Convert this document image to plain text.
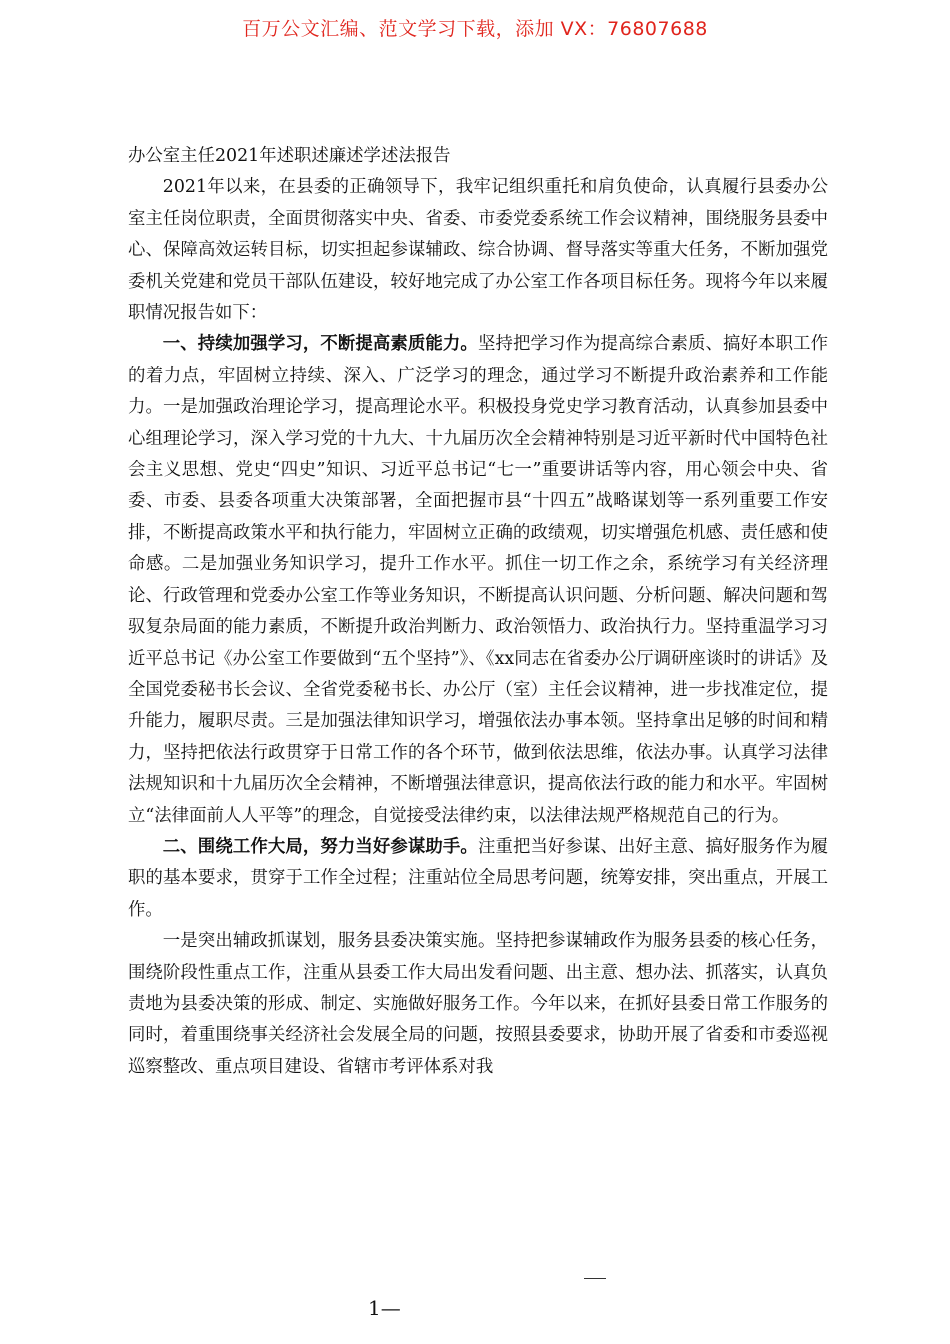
百万公文汇编、范文学习下载，添加 VX：76807688
办公室主任2021年述职述廉述学述法报告

2021年以来，在县委的正确领导下，我牢记组织重托和肩负使命，认真履行县委办公室主任岗位职责，全面贯彻落实中央、省委、市委党委系统工作会议精神，围绕服务县委中心、保障高效运转目标，切实担起参谋辅政、综合协调、督导落实等重大任务，不断加强党委机关党建和党员干部队伍建设，较好地完成了办公室工作各项目标任务。现将今年以来履职情况报告如下：

一、持续加强学习，不断提高素质能力。坚持把学习作为提高综合素质、搞好本职工作的着力点，牢固树立持续、深入、广泛学习的理念，通过学习不断提升政治素养和工作能力。一是加强政治理论学习，提高理论水平。积极投身党史学习教育活动，认真参加县委中心组理论学习，深入学习党的十九大、十九届历次全会精神特别是习近平新时代中国特色社会主义思想、党史“四史”知识、习近平总书记“七一”重要讲话等内容，用心领会中央、省委、市委、县委各项重大决策部署，全面把握市县“十四五”战略谋划等一系列重要工作安排，不断提高政策水平和执行能力，牢固树立正确的政绩观，切实增强危机感、责任感和使命感。二是加强业务知识学习，提升工作水平。抓住一切工作之余，系统学习有关经济理论、行政管理和党委办公室工作等业务知识，不断提高认识问题、分析问题、解决问题和驾驭复杂局面的能力素质，不断提升政治判断力、政治领悟力、政治执行力。坚持重温学习习近平总书记《办公室工作要做到“五个坚持”》、《xx同志在省委办公厅调研座谈时的讲话》及全国党委秘书长会议、全省党委秘书长、办公厅（室）主任会议精神，进一步找准定位，提升能力，履职尽责。三是加强法律知识学习，增强依法办事本领。坚持拿出足够的时间和精力，坚持把依法行政贯穿于日常工作的各个环节，做到依法思维，依法办事。认真学习法律法规知识和十九届历次全会精神，不断增强法律意识，提高依法行政的能力和水平。牢固树立“法律面前人人平等”的理念，自觉接受法律约束，以法律法规严格规范自己的行为。

二、围绕工作大局，努力当好参谋助手。注重把当好参谋、出好主意、搞好服务作为履职的基本要求，贯穿于工作全过程；注重站位全局思考问题，统筹安排，突出重点，开展工作。

一是突出辅政抓谋划，服务县委决策实施。坚持把参谋辅政作为服务县委的核心任务，围绕阶段性重点工作，注重从县委工作大局出发看问题、出主意、想办法、抓落实，认真负责地为县委决策的形成、制定、实施做好服务工作。今年以来，在抓好县委日常工作服务的同时，着重围绕事关经济社会发展全局的问题，按照县委要求，协助开展了省委和市委巡视巡察整改、重点项目建设、省辖市考评体系对我

1—
